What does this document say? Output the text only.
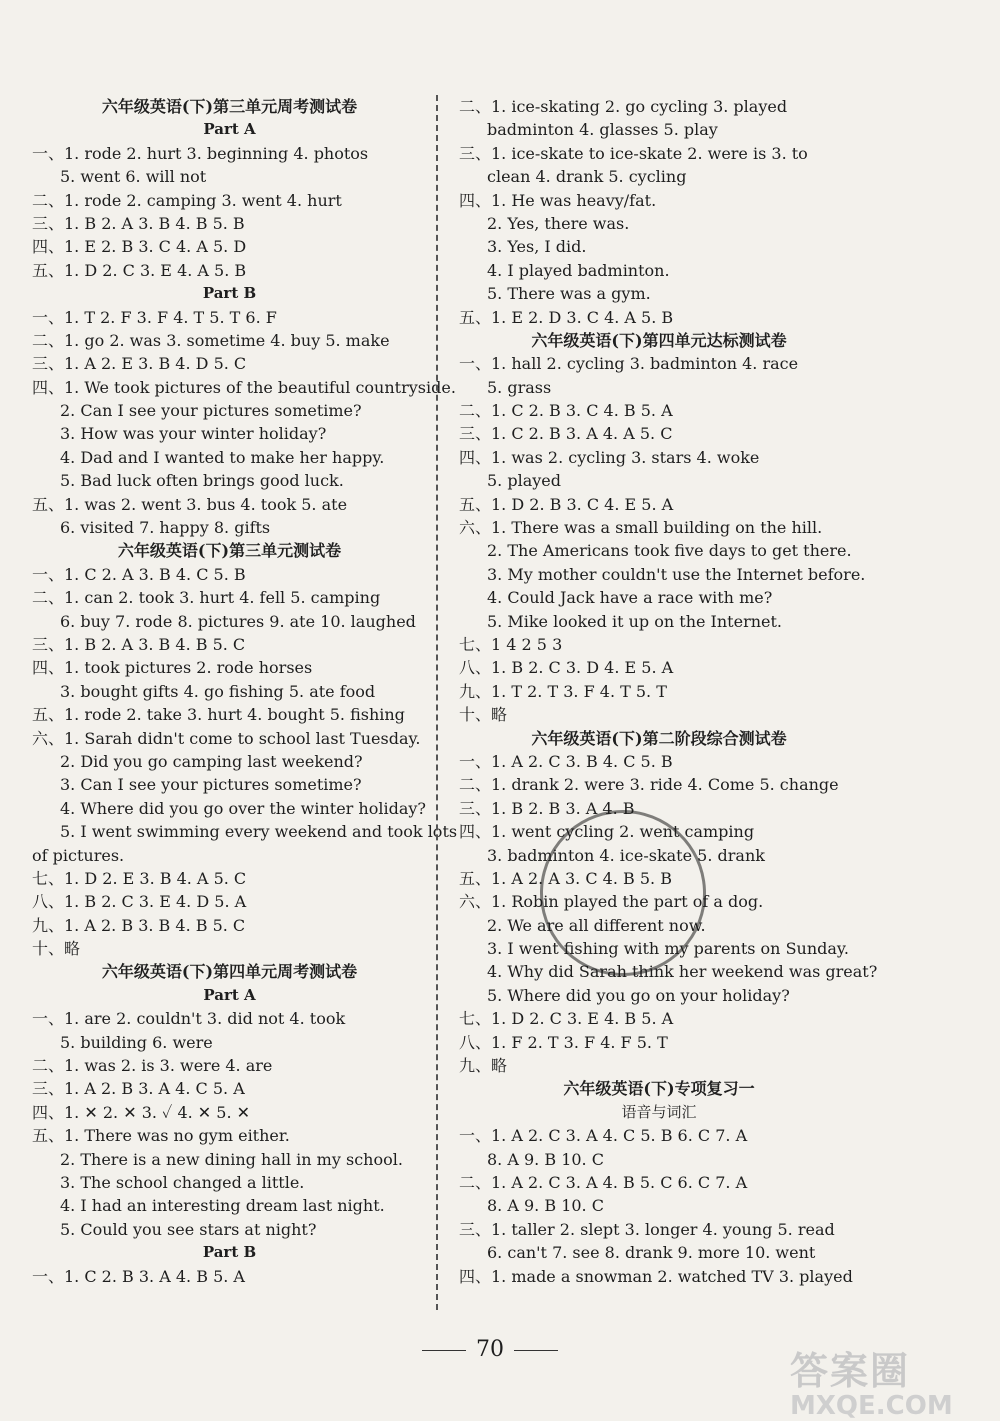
六年级英语(下)第三单元周考测试卷
Part A
一、1. rode 2. hurt 3. beginning 4. photos
5. went 6. will not
二、1. rode 2. camping 3. went 4. hurt
三、1. B 2. A 3. B 4. B 5. B
四、1. E 2. B 3. C 4. A 5. D
五、1. D 2. C 3. E 4. A 5. B
Part B
一、1. T 2. F 3. F 4. T 5. T 6. F
二、1. go 2. was 3. sometime 4. buy 5. make
三、1. A 2. E 3. B 4. D 5. C
四、1. We took pictures of the beautiful countryside.
2. Can I see your pictures sometime?
3. How was your winter holiday?
4. Dad and I wanted to make her happy.
5. Bad luck often brings good luck.
五、1. was 2. went 3. bus 4. took 5. ate
6. visited 7. happy 8. gifts
六年级英语(下)第三单元测试卷
一、1. C 2. A 3. B 4. C 5. B
二、1. can 2. took 3. hurt 4. fell 5. camping
6. buy 7. rode 8. pictures 9. ate 10. laughed
三、1. B 2. A 3. B 4. B 5. C
四、1. took pictures 2. rode horses
3. bought gifts 4. go fishing 5. ate food
五、1. rode 2. take 3. hurt 4. bought 5. fishing
六、1. Sarah didn't come to school last Tuesday.
2. Did you go camping last weekend?
3. Can I see your pictures sometime?
4. Where did you go over the winter holiday?
5. I went swimming every weekend and took lots
of pictures.
七、1. D 2. E 3. B 4. A 5. C
八、1. B 2. C 3. E 4. D 5. A
九、1. A 2. B 3. B 4. B 5. C
十、略
六年级英语(下)第四单元周考测试卷
Part A
一、1. are 2. couldn't 3. did not 4. took
5. building 6. were
二、1. was 2. is 3. were 4. are
三、1. A 2. B 3. A 4. C 5. A
四、1. ✕ 2. ✕ 3. ✓ 4. ✕ 5. ✕
五、1. There was no gym either.
2. There is a new dining hall in my school.
3. The school changed a little.
4. I had an interesting dream last night.
5. Could you see stars at night?
Part B
一、1. C 2. B 3. A 4. B 5. A
二、1. ice-skating 2. go cycling 3. played
badminton 4. glasses 5. play
三、1. ice-skate to ice-skate 2. were is 3. to
clean 4. drank 5. cycling
四、1. He was heavy/fat.
2. Yes, there was.
3. Yes, I did.
4. I played badminton.
5. There was a gym.
五、1. E 2. D 3. C 4. A 5. B
六年级英语(下)第四单元达标测试卷
一、1. hall 2. cycling 3. badminton 4. race
5. grass
二、1. C 2. B 3. C 4. B 5. A
三、1. C 2. B 3. A 4. A 5. C
四、1. was 2. cycling 3. stars 4. woke
5. played
五、1. D 2. B 3. C 4. E 5. A
六、1. There was a small building on the hill.
2. The Americans took five days to get there.
3. My mother couldn't use the Internet before.
4. Could Jack have a race with me?
5. Mike looked it up on the Internet.
七、1 4 2 5 3
八、1. B 2. C 3. D 4. E 5. A
九、1. T 2. T 3. F 4. T 5. T
十、略
六年级英语(下)第二阶段综合测试卷
一、1. A 2. C 3. B 4. C 5. B
二、1. drank 2. were 3. ride 4. Come 5. change
三、1. B 2. B 3. A 4. B
四、1. went cycling 2. went camping
3. badminton 4. ice-skate 5. drank
五、1. A 2. A 3. C 4. B 5. B
六、1. Robin played the part of a dog.
2. We are all different now.
3. I went fishing with my parents on Sunday.
4. Why did Sarah think her weekend was great?
5. Where did you go on your holiday?
七、1. D 2. C 3. E 4. B 5. A
八、1. F 2. T 3. F 4. F 5. T
九、略
六年级英语(下)专项复习一
语音与词汇
一、1. A 2. C 3. A 4. C 5. B 6. C 7. A
8. A 9. B 10. C
二、1. A 2. C 3. A 4. B 5. C 6. C 7. A
8. A 9. B 10. C
三、1. taller 2. slept 3. longer 4. young 5. read
6. can't 7. see 8. drank 9. more 10. went
四、1. made a snowman 2. watched TV 3. played
70	答案圈
MXQE.COM
